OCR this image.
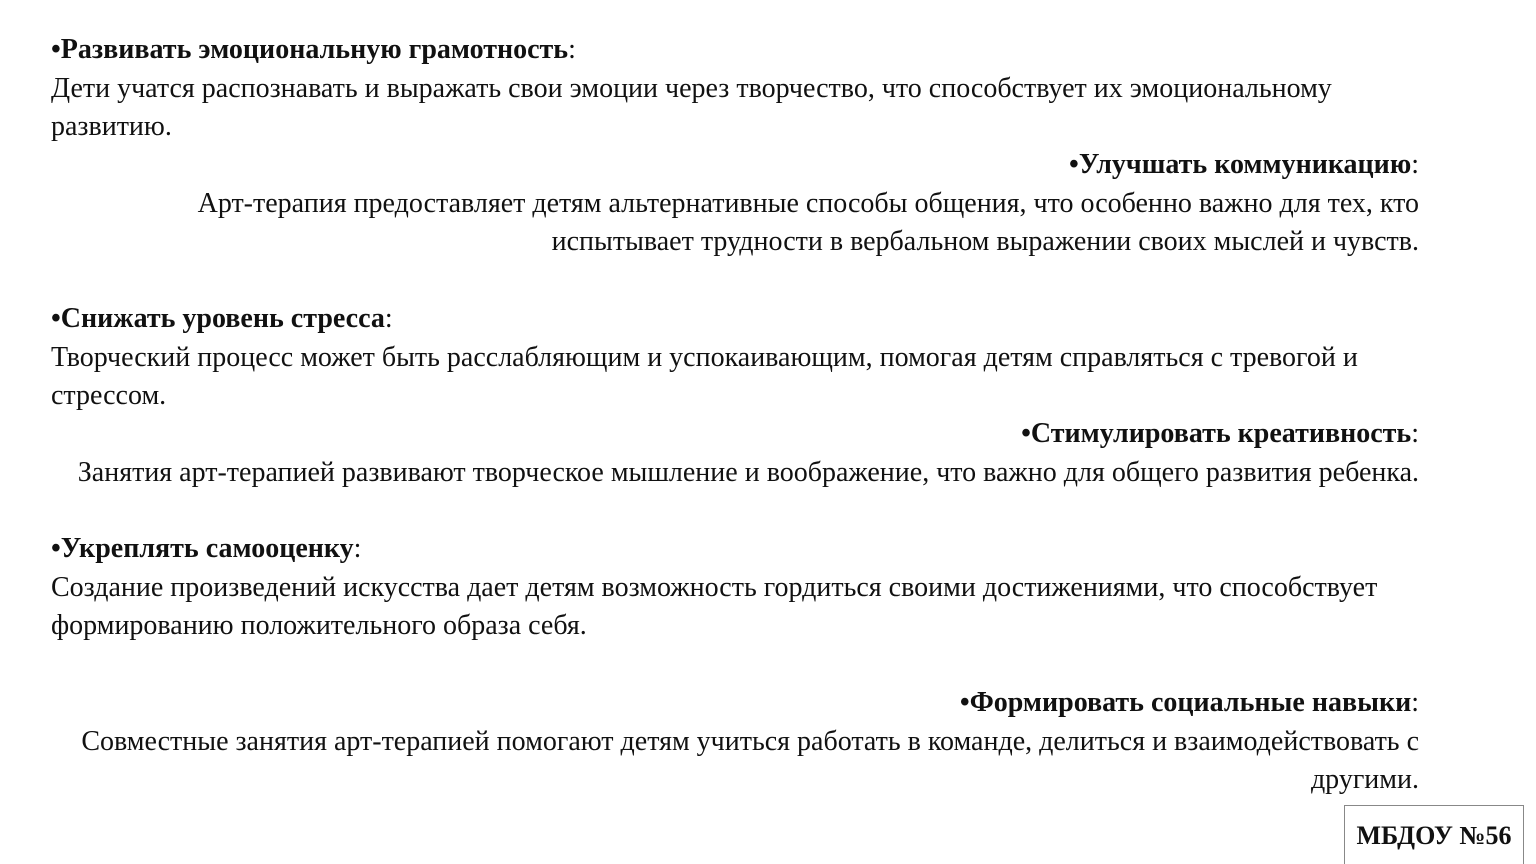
•Развивать эмоциональную грамотность:
Дети учатся распознавать и выражать свои эмоции через творчество, что способствует их эмоциональному развитию.
•Улучшать коммуникацию:
Арт-терапия предоставляет детям альтернативные способы общения, что особенно важно для тех, кто испытывает трудности в вербальном выражении своих мыслей и чувств.
•Снижать уровень стресса:
Творческий процесс может быть расслабляющим и успокаивающим, помогая детям справляться с тревогой и стрессом.
•Стимулировать креативность:
Занятия арт-терапией развивают творческое мышление и воображение, что важно для общего развития ребенка.
•Укреплять самооценку:
Создание произведений искусства дает детям возможность гордиться своими достижениями, что способствует формированию положительного образа себя.
•Формировать социальные навыки:
Совместные занятия арт-терапией помогают детям учиться работать в команде, делиться и взаимодействовать с другими.
МБДОУ №56
